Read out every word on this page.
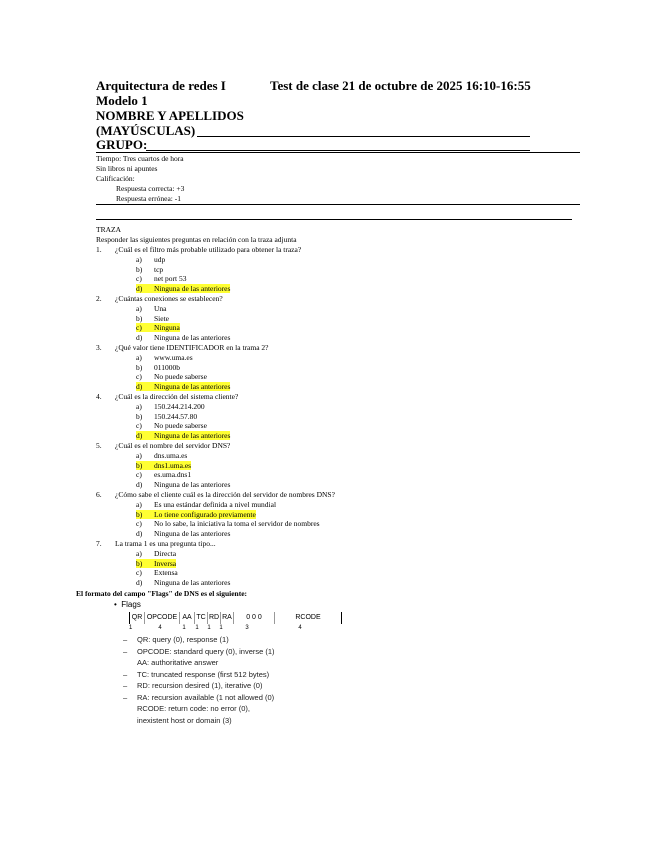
Arquitectura de redes I	Test de clase 21 de octubre de 2025 16:10-16:55
Modelo 1
NOMBRE Y APELLIDOS
(MAYÚSCULAS)
GRUPO:
Tiempo: Tres cuartos de hora
Sin libros ni apuntes
Calificación:
Respuesta correcta: +3
Respuesta errónea: -1
TRAZA
Responder las siguientes preguntas en relación con la traza adjunta
1. ¿Cuál es el filtro más probable utilizado para obtener la traza?
a) udp
b) tcp
c) net port 53
d) Ninguna de las anteriores
2. ¿Cuántas conexiones se establecen?
a) Una
b) Siete
c) Ninguna
d) Ninguna de las anteriores
3. ¿Qué valor tiene IDENTIFICADOR en la trama 2?
a) www.uma.es
b) 011000b
c) No puede saberse
d) Ninguna de las anteriores
4. ¿Cuál es la dirección del sistema cliente?
a) 150.244.214.200
b) 150.244.57.80
c) No puede saberse
d) Ninguna de las anteriores
5. ¿Cuál es el nombre del servidor DNS?
a) dns.uma.es
b) dns1.uma.es
c) es.uma.dns1
d) Ninguna de las anteriores
6. ¿Cómo sabe el cliente cuál es la dirección del servidor de nombres DNS?
a) Es una estándar definida a nivel mundial
b) Lo tiene configurado previamente
c) No lo sabe, la iniciativa la toma el servidor de nombres
d) Ninguna de las anteriores
7. La trama 1 es una pregunta tipo...
a) Directa
b) Inversa
c) Extensa
d) Ninguna de las anteriores
El formato del campo "Flags" de DNS es el siguiente:
• Flags
QR OPCODE AA TC RD RA	0 0 0	RCODE
1	4	1	1	1	1	3	4
– QR: query (0), response (1)
– OPCODE: standard query (0), inverse (1)
AA: authoritative answer
– TC: truncated response (first 512 bytes)
– RD: recursion desired (1), iterative (0)
– RA: recursion available (1 not allowed (0)
RCODE: return code: no error (0),
inexistent host or domain (3)
